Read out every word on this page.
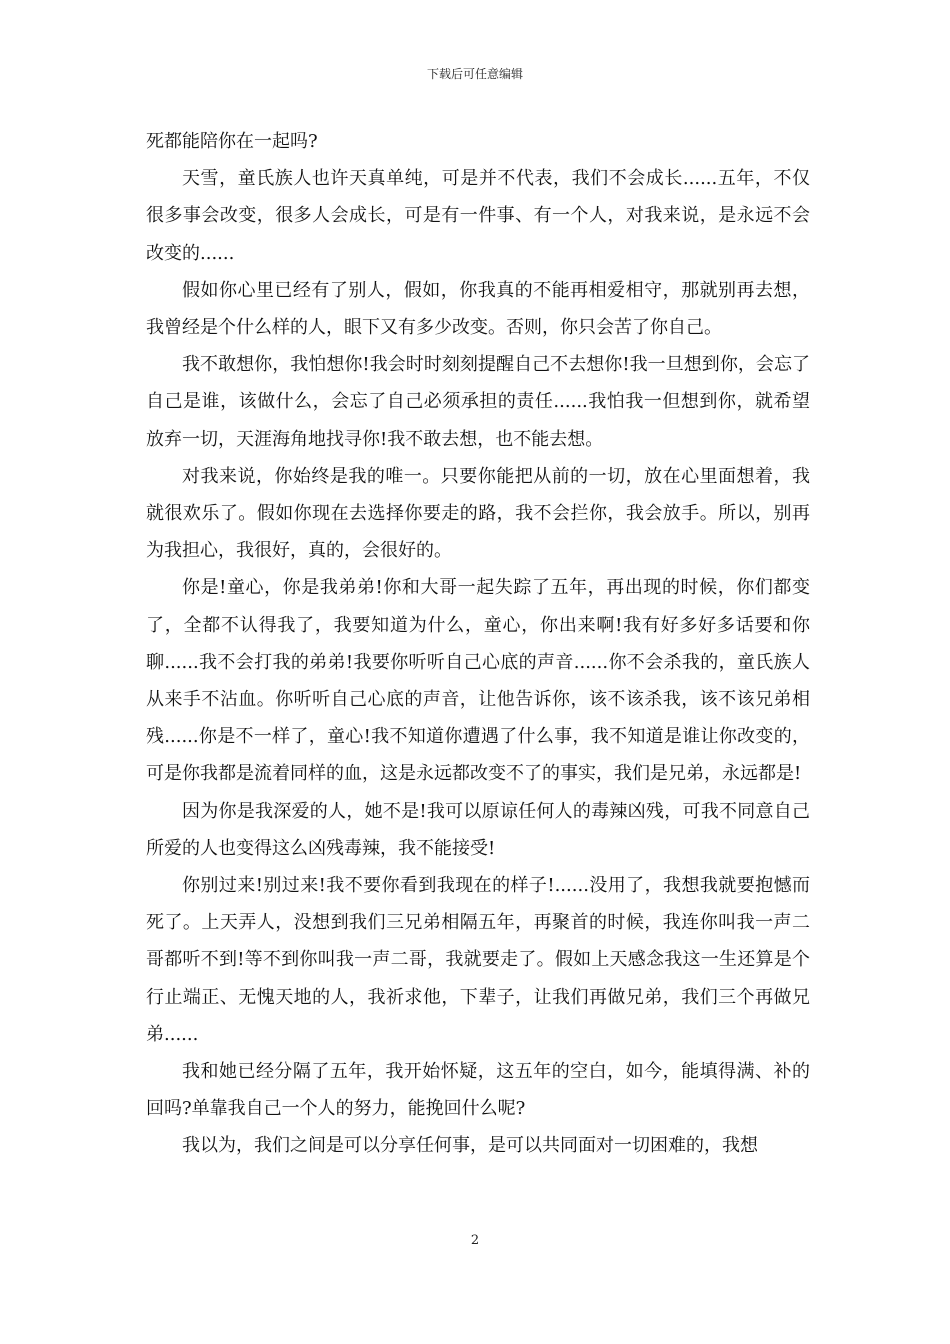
下载后可任意编辑

死都能陪你在一起吗?

天雪，童氏族人也许天真单纯，可是并不代表，我们不会成长......五年，不仅很多事会改变，很多人会成长，可是有一件事、有一个人，对我来说，是永远不会改变的......

假如你心里已经有了别人，假如，你我真的不能再相爱相守，那就别再去想，我曾经是个什么样的人，眼下又有多少改变。否则，你只会苦了你自己。

我不敢想你，我怕想你!我会时时刻刻提醒自己不去想你!我一旦想到你，会忘了自己是谁，该做什么，会忘了自己必须承担的责任......我怕我一但想到你，就希望放弃一切，天涯海角地找寻你!我不敢去想，也不能去想。

对我来说，你始终是我的唯一。只要你能把从前的一切，放在心里面想着，我就很欢乐了。假如你现在去选择你要走的路，我不会拦你，我会放手。所以，别再为我担心，我很好，真的，会很好的。

你是!童心，你是我弟弟!你和大哥一起失踪了五年，再出现的时候，你们都变了，全都不认得我了，我要知道为什么，童心，你出来啊!我有好多好多话要和你聊......我不会打我的弟弟!我要你听听自己心底的声音......你不会杀我的，童氏族人从来手不沾血。你听听自己心底的声音，让他告诉你，该不该杀我，该不该兄弟相残......你是不一样了，童心!我不知道你遭遇了什么事，我不知道是谁让你改变的，可是你我都是流着同样的血，这是永远都改变不了的事实，我们是兄弟，永远都是!

因为你是我深爱的人，她不是!我可以原谅任何人的毒辣凶残，可我不同意自己所爱的人也变得这么凶残毒辣，我不能接受!

你别过来!别过来!我不要你看到我现在的样子!......没用了，我想我就要抱憾而死了。上天弄人，没想到我们三兄弟相隔五年，再聚首的时候，我连你叫我一声二哥都听不到!等不到你叫我一声二哥，我就要走了。假如上天感念我这一生还算是个行止端正、无愧天地的人，我祈求他，下辈子，让我们再做兄弟，我们三个再做兄弟......

我和她已经分隔了五年，我开始怀疑，这五年的空白，如今，能填得满、补的回吗?单靠我自己一个人的努力，能挽回什么呢?

我以为，我们之间是可以分享任何事，是可以共同面对一切困难的，我想

2
